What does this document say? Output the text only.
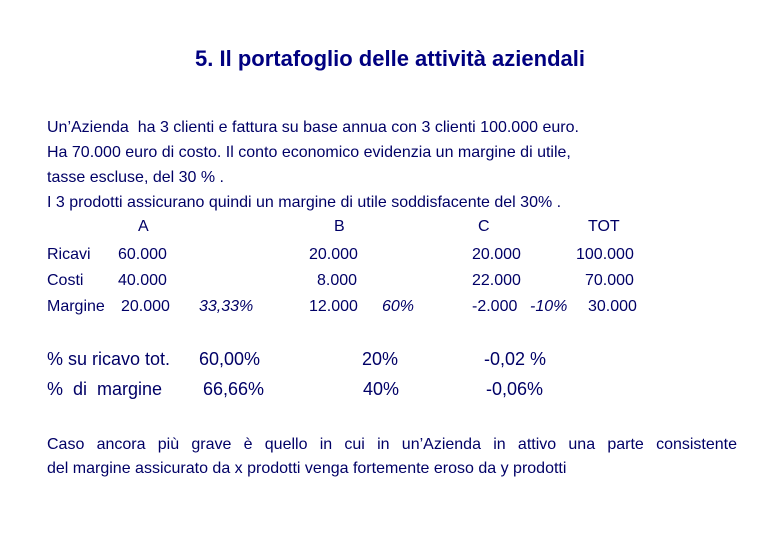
5. Il portafoglio delle attività aziendali
Un’Azienda  ha 3 clienti e fattura su base annua con 3 clienti 100.000 euro.
Ha 70.000 euro di costo. Il conto economico evidenzia un margine di utile,
tasse escluse, del 30 % .
I 3 prodotti assicurano quindi un margine di utile soddisfacente del 30% .
A	B	C	TOT
Ricavi 60.000	20.000	20.000	100.000
Costi 40.000	8.000	22.000	70.000
Margine 20.000 33,33%	12.000 60%	-2.000 -10% 30.000
% su ricavo tot. 60,00%	20%	-0,02 %
%  di  margine 66,66%	40%	-0,06%
Caso ancora più grave è quello in cui in un’Azienda in attivo una parte consistente
del margine assicurato da x prodotti venga fortemente eroso da y prodotti
